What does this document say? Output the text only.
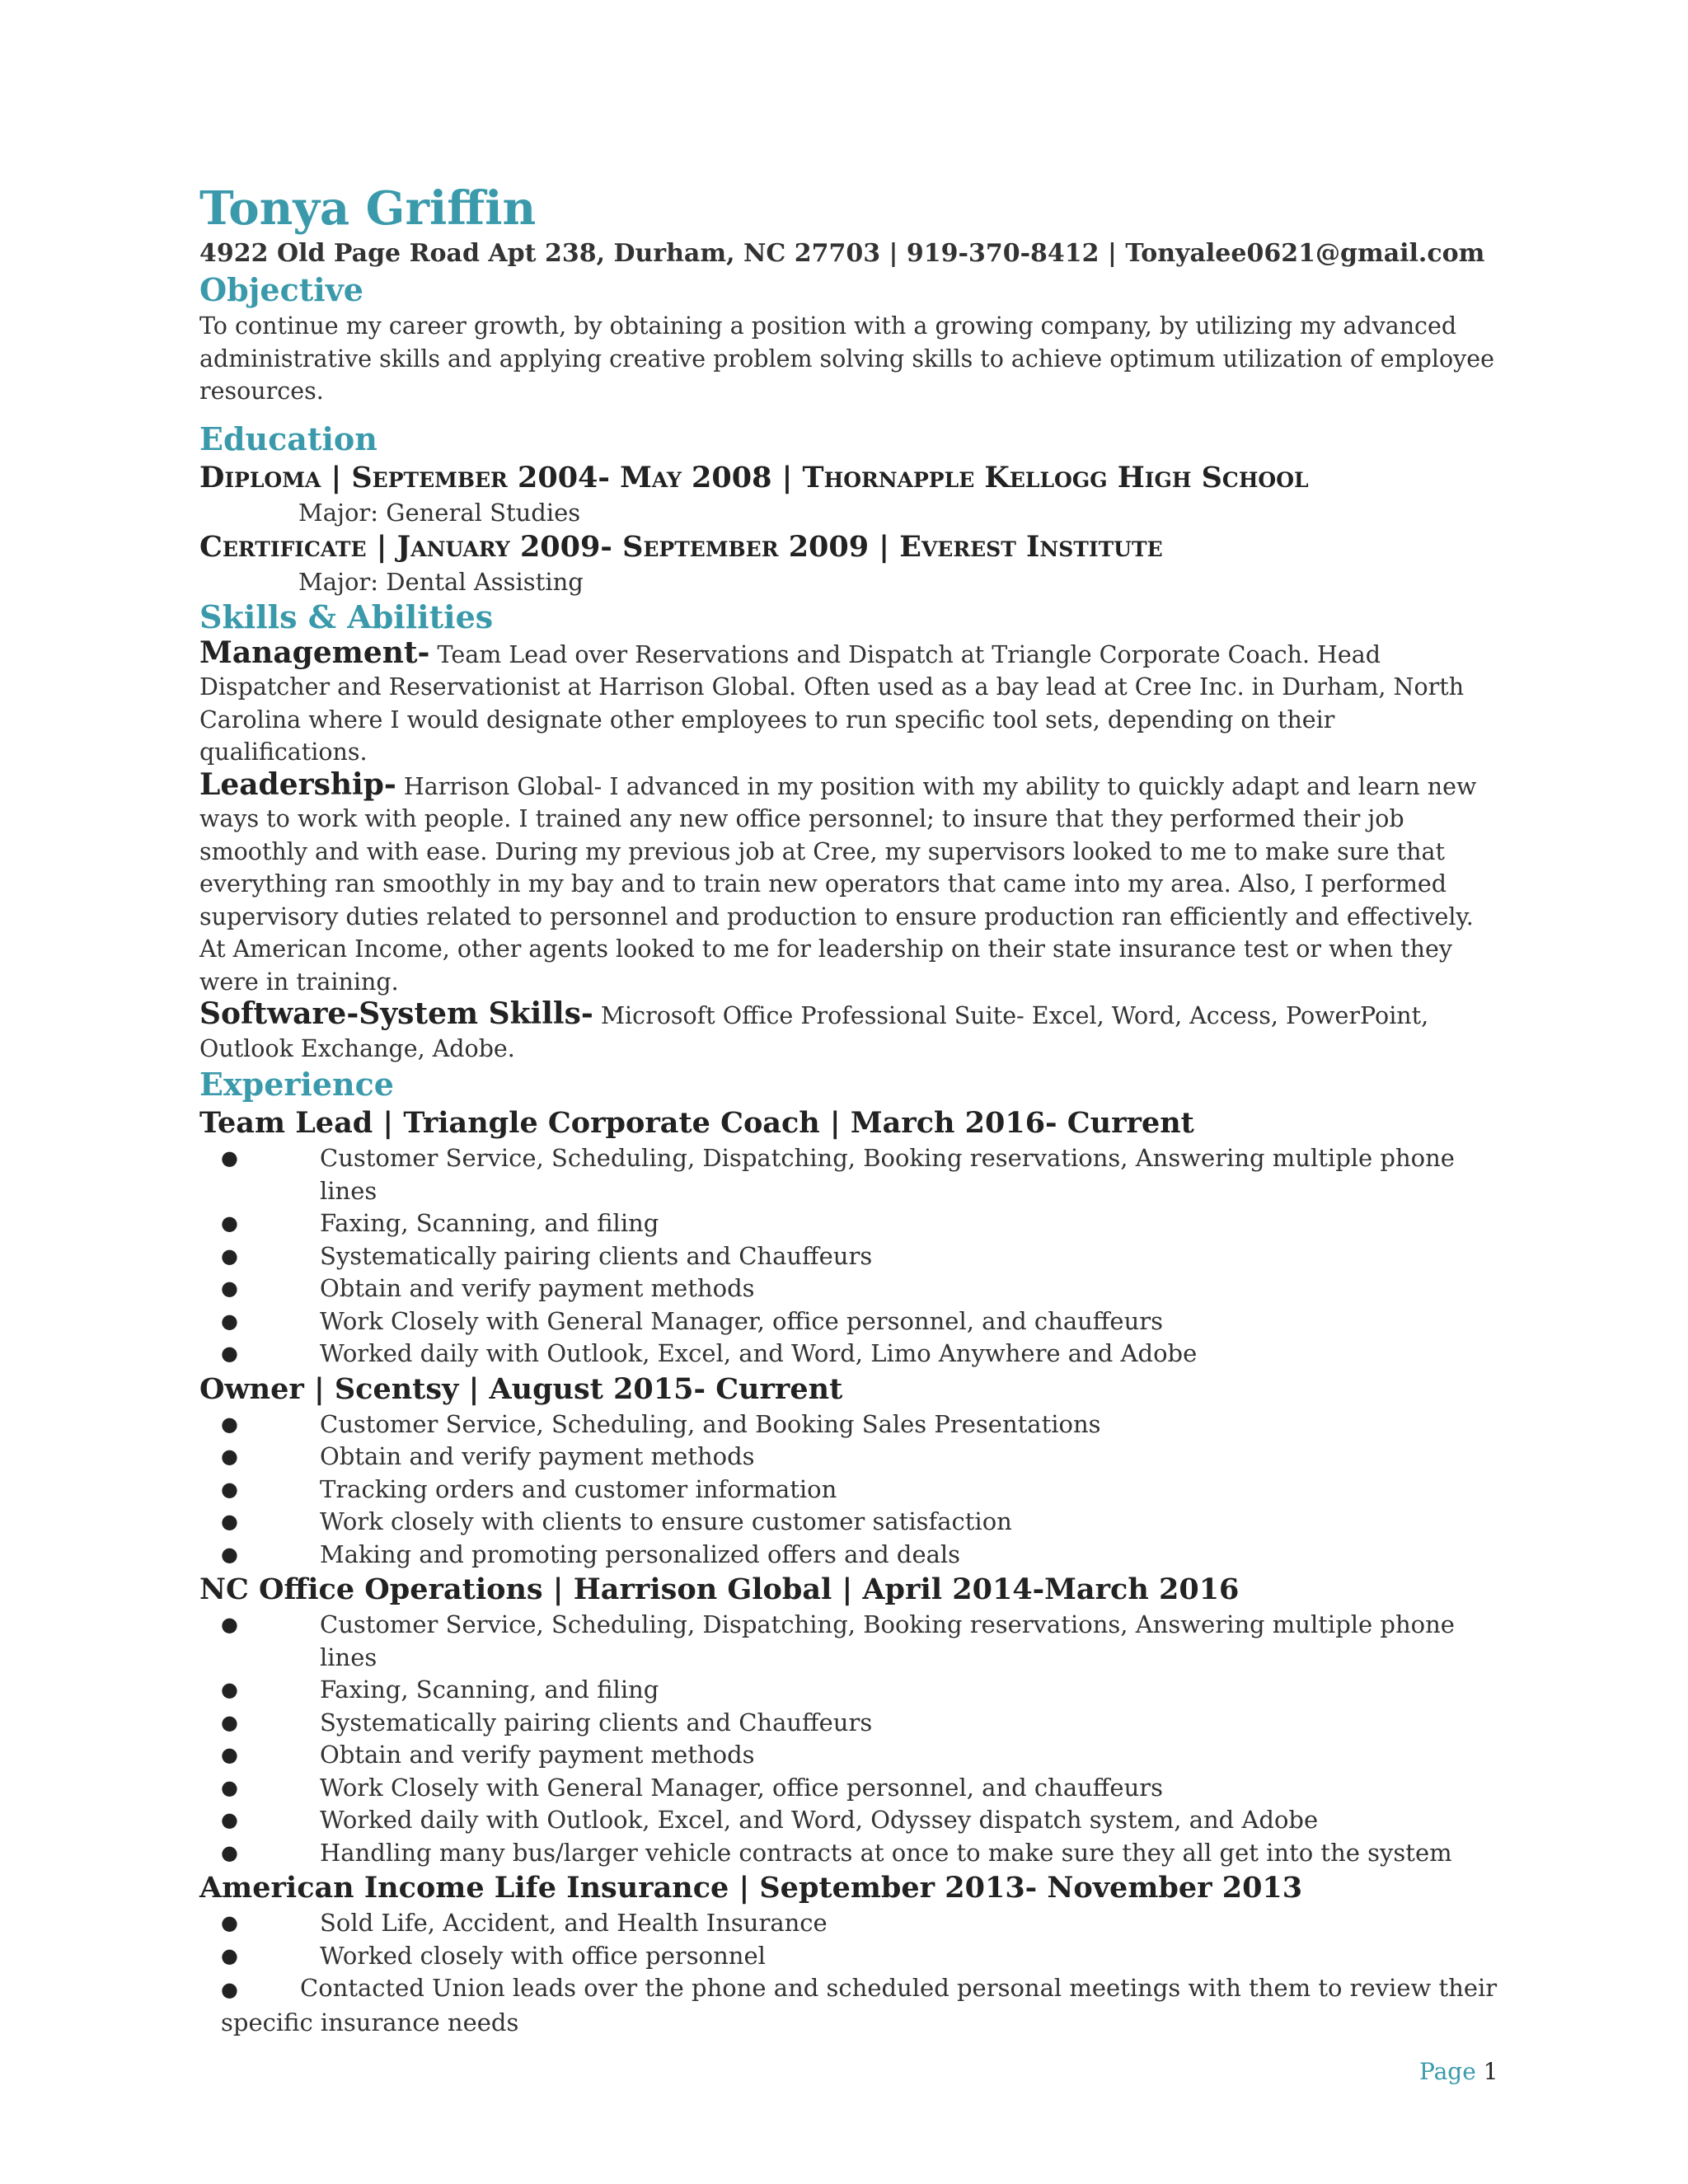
Tonya Griffin

4922 Old Page Road Apt 238, Durham, NC 27703 | 919-370-8412 | Tonyalee0621@gmail.com

Objective

To continue my career growth, by obtaining a position with a growing company, by utilizing my advanced administrative skills and applying creative problem solving skills to achieve optimum utilization of employee resources.

Education

Diploma | September 2004- May 2008 | Thornapple Kellogg High School

Major: General Studies

Certificate | January 2009- September 2009 | Everest Institute

Major: Dental Assisting

Skills & Abilities

Management- Team Lead over Reservations and Dispatch at Triangle Corporate Coach. Head Dispatcher and Reservationist at Harrison Global. Often used as a bay lead at Cree Inc. in Durham, North Carolina where I would designate other employees to run specific tool sets, depending on their qualifications.

Leadership- Harrison Global- I advanced in my position with my ability to quickly adapt and learn new ways to work with people. I trained any new office personnel; to insure that they performed their job smoothly and with ease. During my previous job at Cree, my supervisors looked to me to make sure that everything ran smoothly in my bay and to train new operators that came into my area. Also, I performed supervisory duties related to personnel and production to ensure production ran efficiently and effectively. At American Income, other agents looked to me for leadership on their state insurance test or when they were in training.

Software-System Skills- Microsoft Office Professional Suite- Excel, Word, Access, PowerPoint, Outlook Exchange, Adobe.

Experience

Team Lead | Triangle Corporate Coach | March 2016- Current

●	Customer Service, Scheduling, Dispatching, Booking reservations, Answering multiple phone lines
●	Faxing, Scanning, and filing
●	Systematically pairing clients and Chauffeurs
●	Obtain and verify payment methods
●	Work Closely with General Manager, office personnel, and chauffeurs
●	Worked daily with Outlook, Excel, and Word, Limo Anywhere and Adobe

Owner | Scentsy | August 2015- Current

●	Customer Service, Scheduling, and Booking Sales Presentations
●	Obtain and verify payment methods
●	Tracking orders and customer information
●	Work closely with clients to ensure customer satisfaction
●	Making and promoting personalized offers and deals

NC Office Operations | Harrison Global | April 2014-March 2016

●	Customer Service, Scheduling, Dispatching, Booking reservations, Answering multiple phone lines
●	Faxing, Scanning, and filing
●	Systematically pairing clients and Chauffeurs
●	Obtain and verify payment methods
●	Work Closely with General Manager, office personnel, and chauffeurs
●	Worked daily with Outlook, Excel, and Word, Odyssey dispatch system, and Adobe
●	Handling many bus/larger vehicle contracts at once to make sure they all get into the system

American Income Life Insurance | September 2013- November 2013

●	Sold Life, Accident, and Health Insurance
●	Worked closely with office personnel
●	Contacted Union leads over the phone and scheduled personal meetings with them to review their specific insurance needs
Page 1
